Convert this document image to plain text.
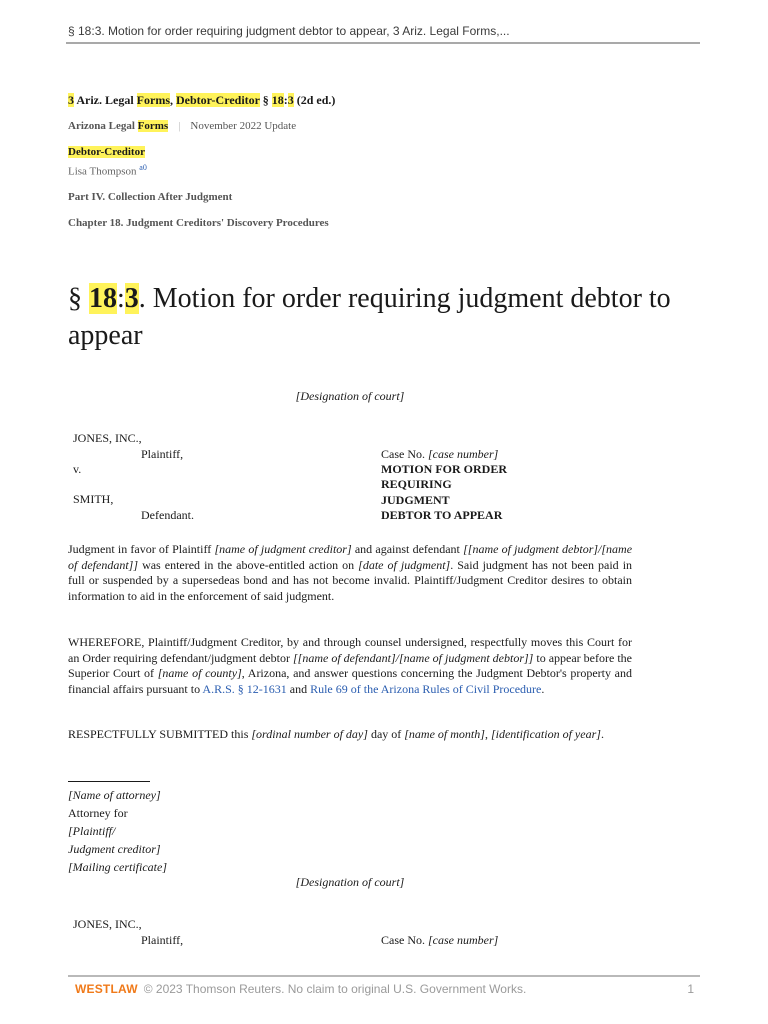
§ 18:3. Motion for order requiring judgment debtor to appear, 3 Ariz. Legal Forms,...
3 Ariz. Legal Forms, Debtor-Creditor § 18:3 (2d ed.)
Arizona Legal Forms | November 2022 Update
Debtor-Creditor
Lisa Thompson $^{a0}$
Part IV. Collection After Judgment
Chapter 18. Judgment Creditors' Discovery Procedures
§ 18:3. Motion for order requiring judgment debtor to appear
[Designation of court]
JONES, INC.,
Plaintiff,
v.
SMITH,
Defendant.
Case No. [case number]
MOTION FOR ORDER
REQUIRING
JUDGMENT
DEBTOR TO APPEAR
Judgment in favor of Plaintiff [name of judgment creditor] and against defendant [[name of judgment debtor]/[name of defendant]] was entered in the above-entitled action on [date of judgment]. Said judgment has not been paid in full or suspended by a supersedeas bond and has not become invalid. Plaintiff/Judgment Creditor desires to obtain information to aid in the enforcement of said judgment.
WHEREFORE, Plaintiff/Judgment Creditor, by and through counsel undersigned, respectfully moves this Court for an Order requiring defendant/judgment debtor [[name of defendant]/[name of judgment debtor]] to appear before the Superior Court of [name of county], Arizona, and answer questions concerning the Judgment Debtor's property and financial affairs pursuant to A.R.S. § 12-1631 and Rule 69 of the Arizona Rules of Civil Procedure.
RESPECTFULLY SUBMITTED this [ordinal number of day] day of [name of month], [identification of year].
[Name of attorney]
Attorney for
[Plaintiff/
Judgment creditor]
[Mailing certificate]
[Designation of court]
JONES, INC.,
Plaintiff,	Case No. [case number]
WESTLAW © 2023 Thomson Reuters. No claim to original U.S. Government Works.	1
